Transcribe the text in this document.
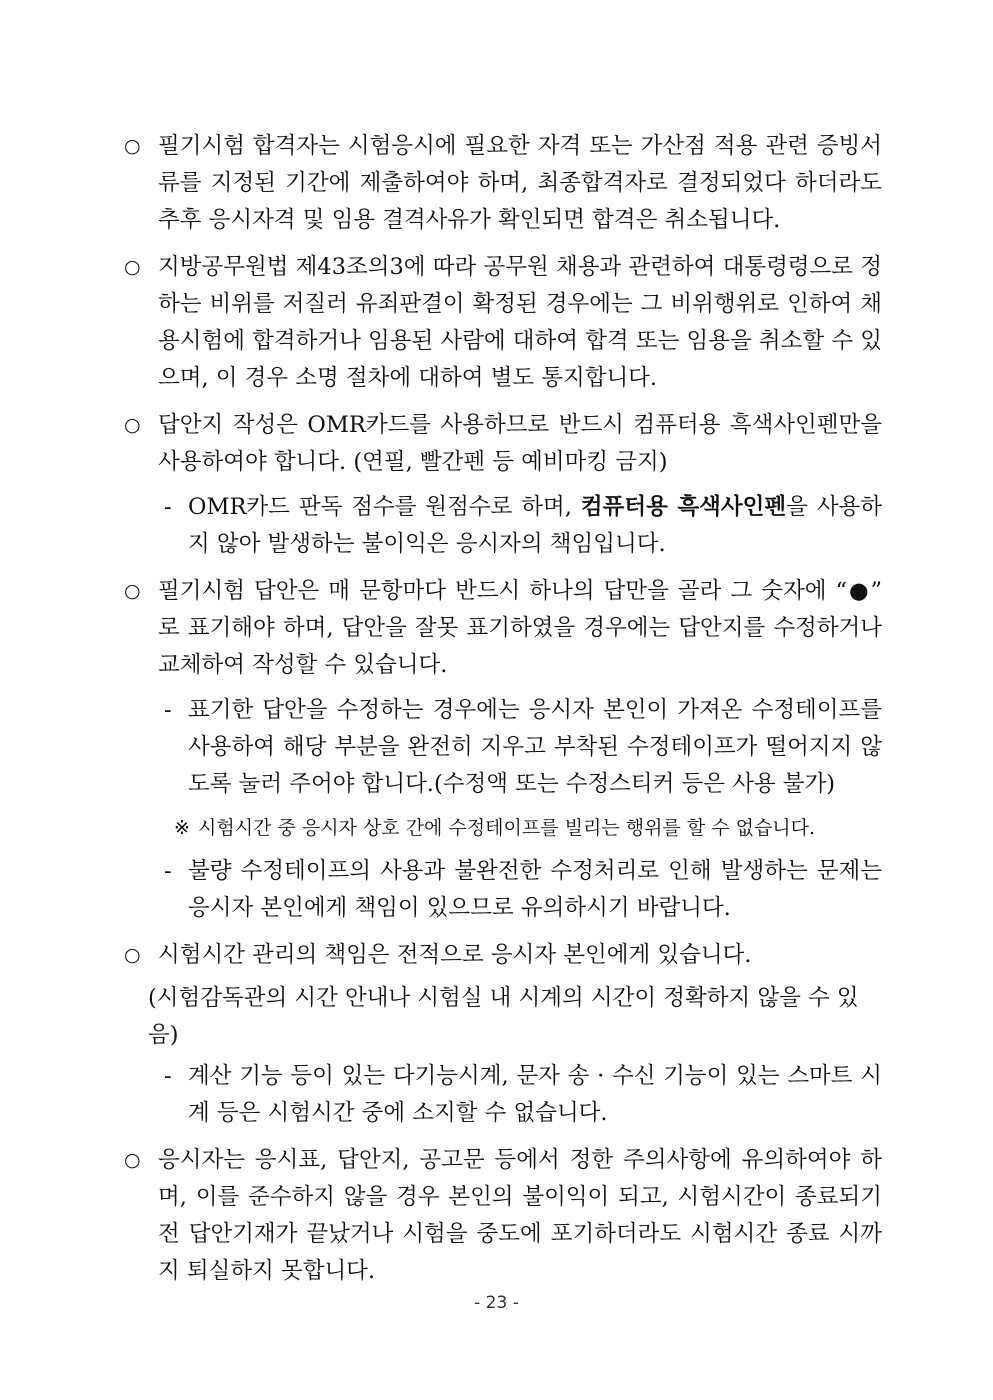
○ 필기시험 합격자는 시험응시에 필요한 자격 또는 가산점 적용 관련 증빙서류를 지정된 기간에 제출하여야 하며, 최종합격자로 결정되었다 하더라도 추후 응시자격 및 임용 결격사유가 확인되면 합격은 취소됩니다.
○ 지방공무원법 제43조의3에 따라 공무원 채용과 관련하여 대통령령으로 정하는 비위를 저질러 유죄판결이 확정된 경우에는 그 비위행위로 인하여 채용시험에 합격하거나 임용된 사람에 대하여 합격 또는 임용을 취소할 수 있으며, 이 경우 소명 절차에 대하여 별도 통지합니다.
○ 답안지 작성은 OMR카드를 사용하므로 반드시 컴퓨터용 흑색사인펜만을 사용하여야 합니다. (연필, 빨간펜 등 예비마킹 금지)
- OMR카드 판독 점수를 원점수로 하며, 컴퓨터용 흑색사인펜을 사용하지 않아 발생하는 불이익은 응시자의 책임입니다.
○ 필기시험 답안은 매 문항마다 반드시 하나의 답만을 골라 그 숫자에 “●” 로 표기해야 하며, 답안을 잘못 표기하였을 경우에는 답안지를 수정하거나 교체하여 작성할 수 있습니다.
- 표기한 답안을 수정하는 경우에는 응시자 본인이 가져온 수정테이프를 사용하여 해당 부분을 완전히 지우고 부착된 수정테이프가 떨어지지 않도록 눌러 주어야 합니다.(수정액 또는 수정스티커 등은 사용 불가)
※ 시험시간 중 응시자 상호 간에 수정테이프를 빌리는 행위를 할 수 없습니다.
- 불량 수정테이프의 사용과 불완전한 수정처리로 인해 발생하는 문제는 응시자 본인에게 책임이 있으므로 유의하시기 바랍니다.
○ 시험시간 관리의 책임은 전적으로 응시자 본인에게 있습니다.
(시험감독관의 시간 안내나 시험실 내 시계의 시간이 정확하지 않을 수 있음)
- 계산 기능 등이 있는 다기능시계, 문자 송 · 수신 기능이 있는 스마트 시계 등은 시험시간 중에 소지할 수 없습니다.
○ 응시자는 응시표, 답안지, 공고문 등에서 정한 주의사항에 유의하여야 하며, 이를 준수하지 않을 경우 본인의 불이익이 되고, 시험시간이 종료되기 전 답안기재가 끝났거나 시험을 중도에 포기하더라도 시험시간 종료 시까지 퇴실하지 못합니다.
- 23 -
